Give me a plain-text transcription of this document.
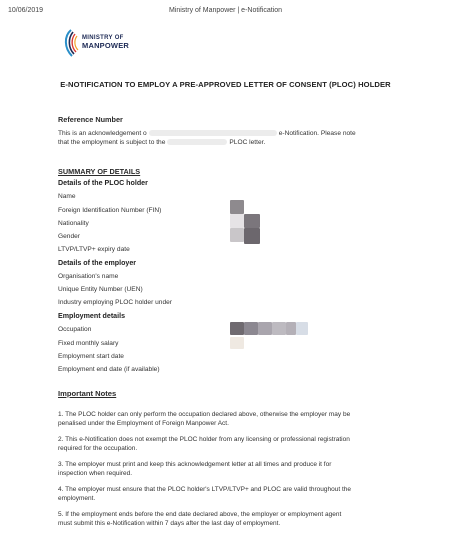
10/06/2019	Ministry of Manpower | e-Notification
MINISTRY OF
MANPOWER
E-NOTIFICATION TO EMPLOY A PRE-APPROVED LETTER OF CONSENT (PLOC) HOLDER
Reference Number
This is an acknowledgement o	e-Notification. Please note
that the employment is subject to the	PLOC letter.
SUMMARY OF DETAILS
Details of the PLOC holder
Name
Foreign Identification Number (FIN)
Nationality
Gender
LTVP/LTVP+ expiry date
Details of the employer
Organisation's name
Unique Entity Number (UEN)
Industry employing PLOC holder under
Employment details
Occupation
Fixed monthly salary
Employment start date
Employment end date (if available)
Important Notes
1. The PLOC holder can only perform the occupation declared above, otherwise the employer may be
penalised under the Employment of Foreign Manpower Act.
2. This e-Notification does not exempt the PLOC holder from any licensing or professional registration
required for the occupation.
3. The employer must print and keep this acknowledgement letter at all times and produce it for
inspection when required.
4. The employer must ensure that the PLOC holder's LTVP/LTVP+ and PLOC are valid throughout the
employment.
5. If the employment ends before the end date declared above, the employer or employment agent
must submit this e-Notification within 7 days after the last day of employment.
